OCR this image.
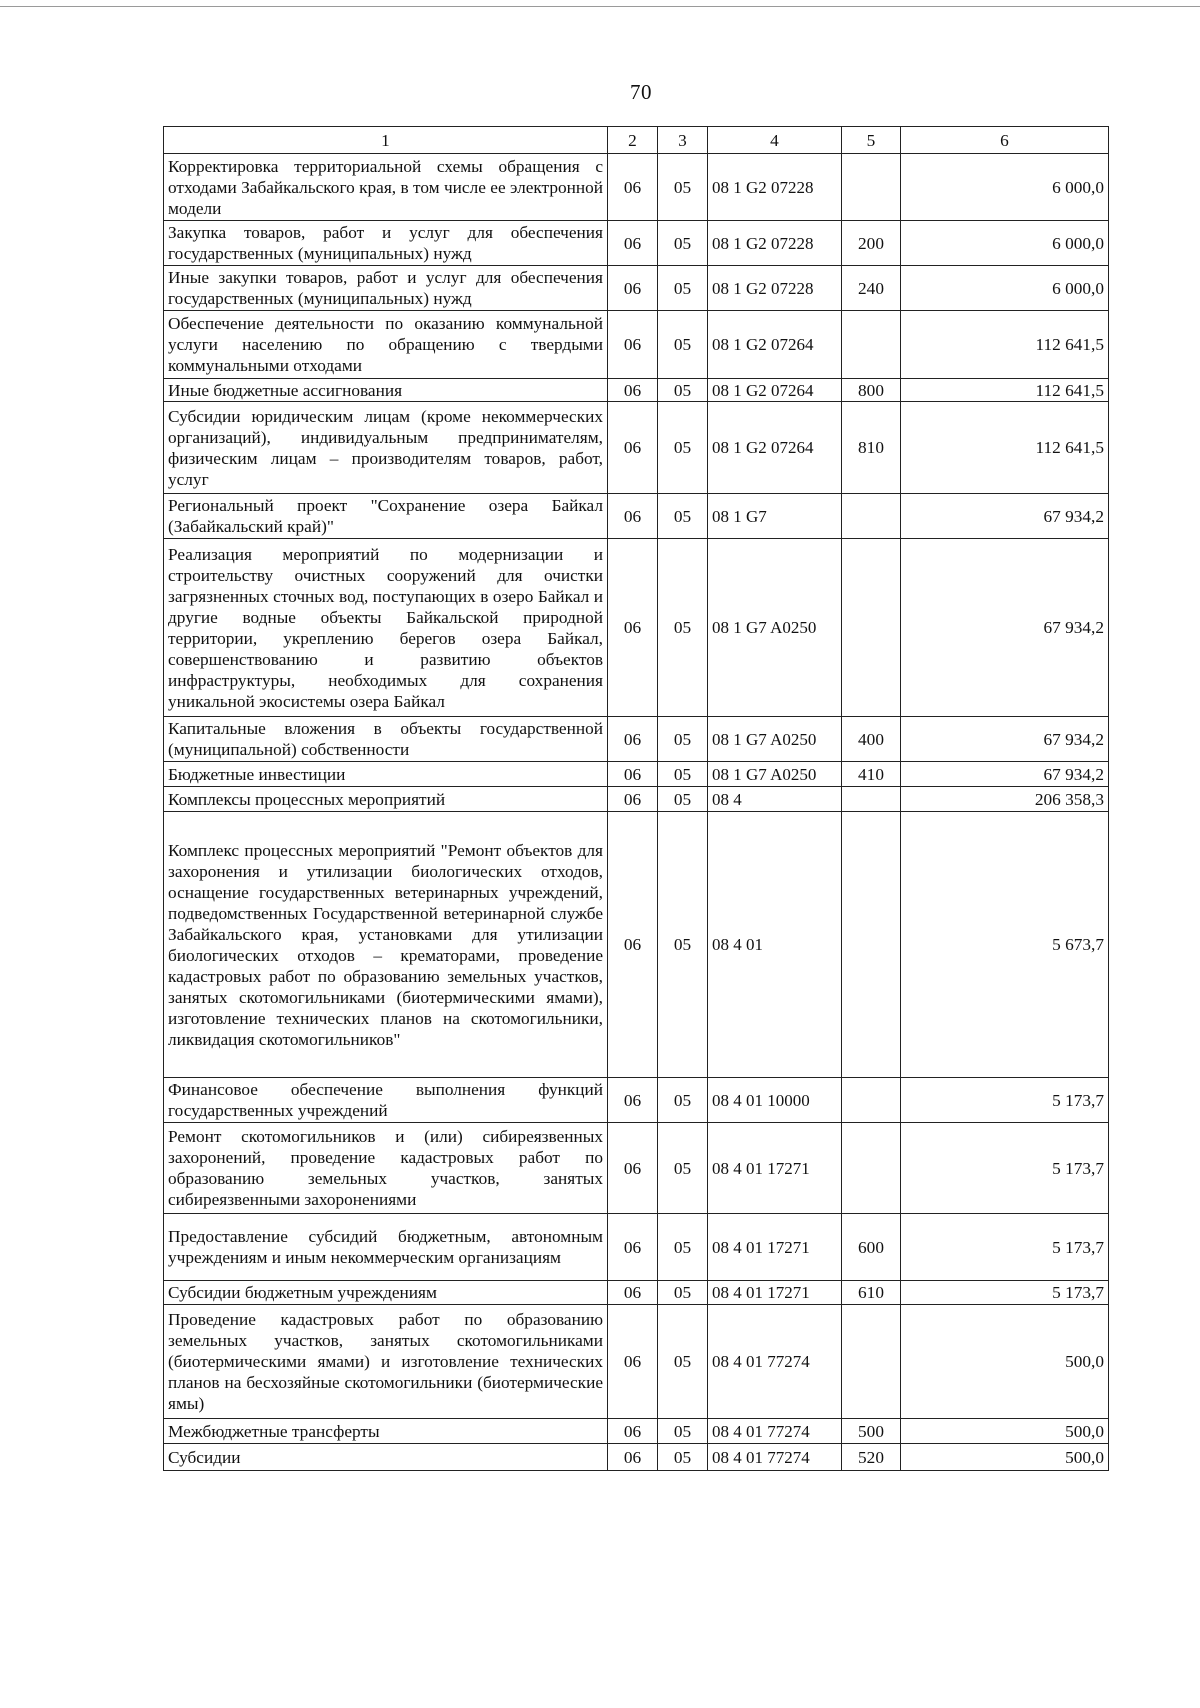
70
1	2	3	4	5	6
Корректировка территориальной схемы обращения с отходами Забайкальского края, в том числе ее электронной модели	06	05	08 1 G2 07228		6 000,0
Закупка товаров, работ и услуг для обеспечения государственных (муниципальных) нужд	06	05	08 1 G2 07228	200	6 000,0
Иные закупки товаров, работ и услуг для обеспечения государственных (муниципальных) нужд	06	05	08 1 G2 07228	240	6 000,0
Обеспечение деятельности по оказанию коммунальной услуги населению по обращению с твердыми коммунальными отходами	06	05	08 1 G2 07264		112 641,5
Иные бюджетные ассигнования	06	05	08 1 G2 07264	800	112 641,5
Субсидии юридическим лицам (кроме некоммерческих организаций), индивидуальным предпринимателям, физическим лицам – производителям товаров, работ, услуг	06	05	08 1 G2 07264	810	112 641,5
Региональный проект "Сохранение озера Байкал (Забайкальский край)"	06	05	08 1 G7		67 934,2
Реализация мероприятий по модернизации и строительству очистных сооружений для очистки загрязненных сточных вод, поступающих в озеро Байкал и другие водные объекты Байкальской природной территории, укреплению берегов озера Байкал, совершенствованию и развитию объектов инфраструктуры, необходимых для сохранения уникальной экосистемы озера Байкал	06	05	08 1 G7 A0250		67 934,2
Капитальные вложения в объекты государственной (муниципальной) собственности	06	05	08 1 G7 A0250	400	67 934,2
Бюджетные инвестиции	06	05	08 1 G7 A0250	410	67 934,2
Комплексы процессных мероприятий	06	05	08 4		206 358,3
Комплекс процессных мероприятий "Ремонт объектов для захоронения и утилизации биологических отходов, оснащение государственных ветеринарных учреждений, подведомственных Государственной ветеринарной службе Забайкальского края, установками для утилизации биологических отходов – крематорами, проведение кадастровых работ по образованию земельных участков, занятых скотомогильниками (биотермическими ямами), изготовление технических планов на скотомогильники, ликвидация скотомогильников"	06	05	08 4 01		5 673,7
Финансовое обеспечение выполнения функций государственных учреждений	06	05	08 4 01 10000		5 173,7
Ремонт скотомогильников и (или) сибиреязвенных захоронений, проведение кадастровых работ по образованию земельных участков, занятых сибиреязвенными захоронениями	06	05	08 4 01 17271		5 173,7
Предоставление субсидий бюджетным, автономным учреждениям и иным некоммерческим организациям	06	05	08 4 01 17271	600	5 173,7
Субсидии бюджетным учреждениям	06	05	08 4 01 17271	610	5 173,7
Проведение кадастровых работ по образованию земельных участков, занятых скотомогильниками (биотермическими ямами) и изготовление технических планов на бесхозяйные скотомогильники (биотермические ямы)	06	05	08 4 01 77274		500,0
Межбюджетные трансферты	06	05	08 4 01 77274	500	500,0
Субсидии	06	05	08 4 01 77274	520	500,0
